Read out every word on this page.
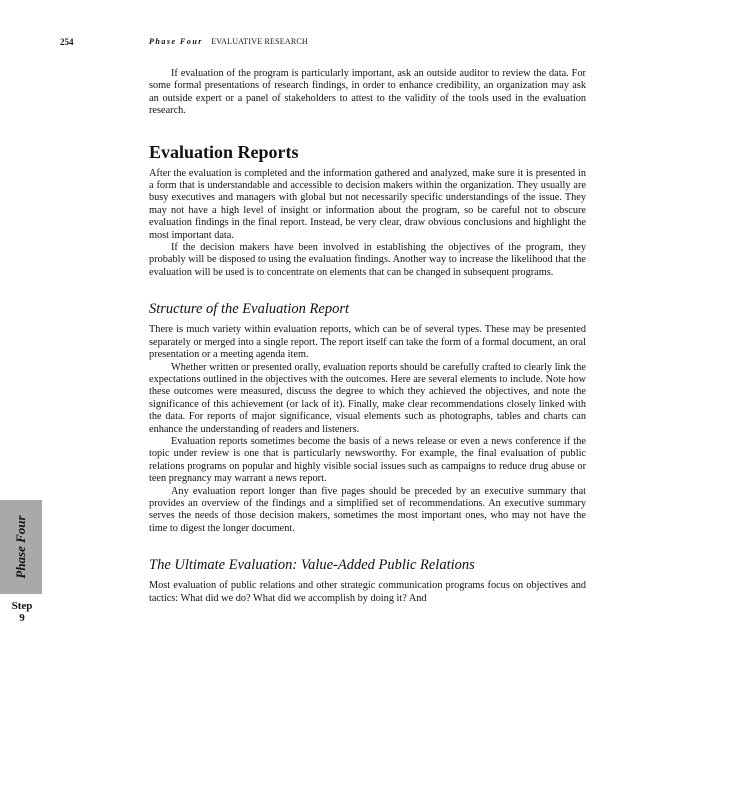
254	Phase Four EVALUATIVE RESEARCH

If evaluation of the program is particularly important, ask an outside auditor to review the data. For some formal presentations of research findings, in order to enhance credibility, an organization may ask an outside expert or a panel of stakeholders to attest to the validity of the tools used in the evaluation research.

Evaluation Reports

After the evaluation is completed and the information gathered and analyzed, make sure it is presented in a form that is understandable and accessible to decision makers within the organization. They usually are busy executives and managers with global but not necessarily specific understandings of the issue. They may not have a high level of insight or information about the program, so be careful not to obscure evaluation findings in the final report. Instead, be very clear, draw obvious conclusions and highlight the most important data.

If the decision makers have been involved in establishing the objectives of the program, they probably will be disposed to using the evaluation findings. Another way to increase the likelihood that the evaluation will be used is to concentrate on elements that can be changed in subsequent programs.

Structure of the Evaluation Report

There is much variety within evaluation reports, which can be of several types. These may be presented separately or merged into a single report. The report itself can take the form of a formal document, an oral presentation or a meeting agenda item.

Whether written or presented orally, evaluation reports should be carefully crafted to clearly link the expectations outlined in the objectives with the outcomes. Here are several elements to include. Note how these outcomes were measured, discuss the degree to which they achieved the objectives, and note the significance of this achievement (or lack of it). Finally, make clear recommendations closely linked with the data. For reports of major significance, visual elements such as photographs, tables and charts can enhance the understanding of readers and listeners.

Evaluation reports sometimes become the basis of a news release or even a news conference if the topic under review is one that is particularly newsworthy. For example, the final evaluation of public relations programs on popular and highly visible social issues such as campaigns to reduce drug abuse or teen pregnancy may warrant a news report.

Any evaluation report longer than five pages should be preceded by an executive summary that provides an overview of the findings and a simplified set of recommendations. An executive summary serves the needs of those decision makers, sometimes the most important ones, who may not have the time to digest the longer document.

The Ultimate Evaluation: Value-Added Public Relations

Most evaluation of public relations and other strategic communication programs focus on objectives and tactics: What did we do? What did we accomplish by doing it? And

Phase Four
Step
9
